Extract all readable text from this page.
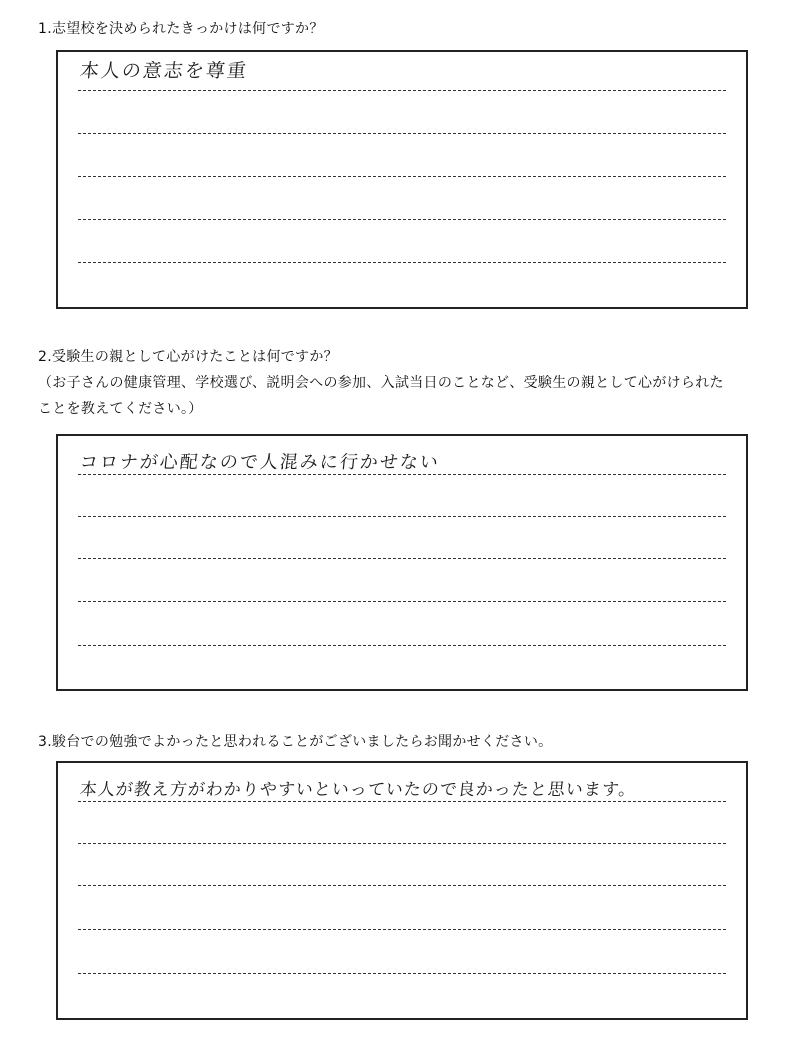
1.志望校を決められたきっかけは何ですか？
本人の意志を尊重
2.受験生の親として心がけたことは何ですか？
（お子さんの健康管理、学校選び、説明会への参加、入試当日のことなど、受験生の親として心がけられた
ことを教えてください。）
コロナが心配なので人混みに行かせない
3.駿台での勉強でよかったと思われることがございましたらお聞かせください。
本人が教え方がわかりやすいといっていたので良かったと思います。
